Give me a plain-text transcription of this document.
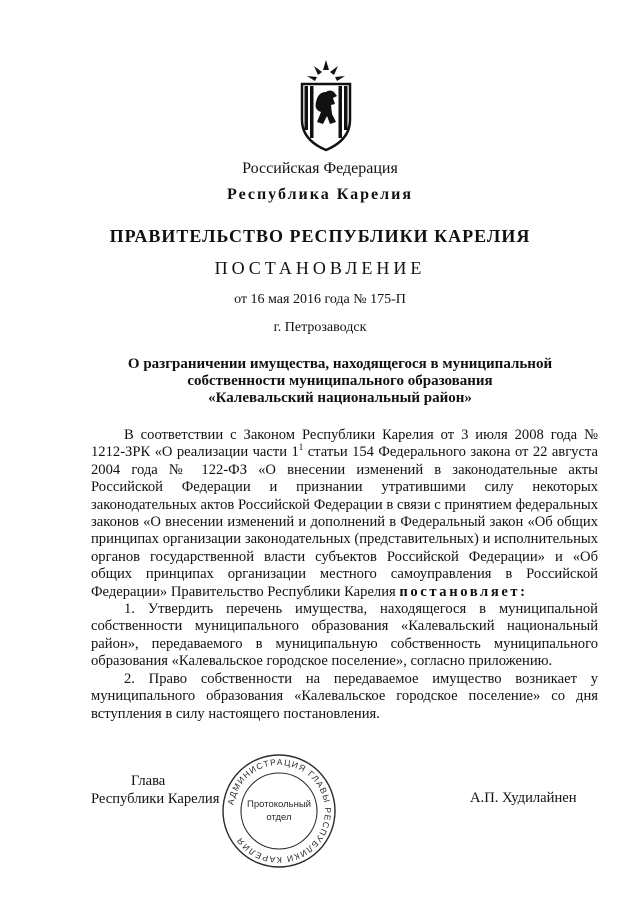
Российская Федерация
Республика Карелия
ПРАВИТЕЛЬСТВО РЕСПУБЛИКИ КАРЕЛИЯ
ПОСТАНОВЛЕНИЕ
от 16 мая 2016 года № 175-П
г. Петрозаводск
О разграничении имущества, находящегося в муниципальной
собственности муниципального образования
«Калевальский национальный район»

В соответствии с Законом Республики Карелия от 3 июля 2008 года № 1212-ЗРК «О реализации части $1^1$ статьи 154 Федерального закона от 22 августа 2004 года № 122-ФЗ «О внесении изменений в законодательные акты Российской Федерации и признании утратившими силу некоторых законодательных актов Российской Федерации в связи с принятием федеральных законов «О внесении изменений и дополнений в Федеральный закон «Об общих принципах организации законодательных (представительных) и исполнительных органов государственной власти субъектов Российской Федерации» и «Об общих принципах организации местного самоуправления в Российской Федерации» Правительство Республики Карелия постановляет:

1. Утвердить перечень имущества, находящегося в муниципальной собственности муниципального образования «Калевальский национальный район», передаваемого в муниципальную собственность муниципального образования «Калевальское городское поселение», согласно приложению.

2. Право собственности на передаваемое имущество возникает у муниципального образования «Калевальское городское поселение» со дня вступления в силу настоящего постановления.

Глава
Республики Карелия	А.П. Худилайнен
АДМИНИСТРАЦИЯ ГЛАВЫ РЕСПУБЛИКИ КАРЕЛИЯ
Протокольный
отдел
